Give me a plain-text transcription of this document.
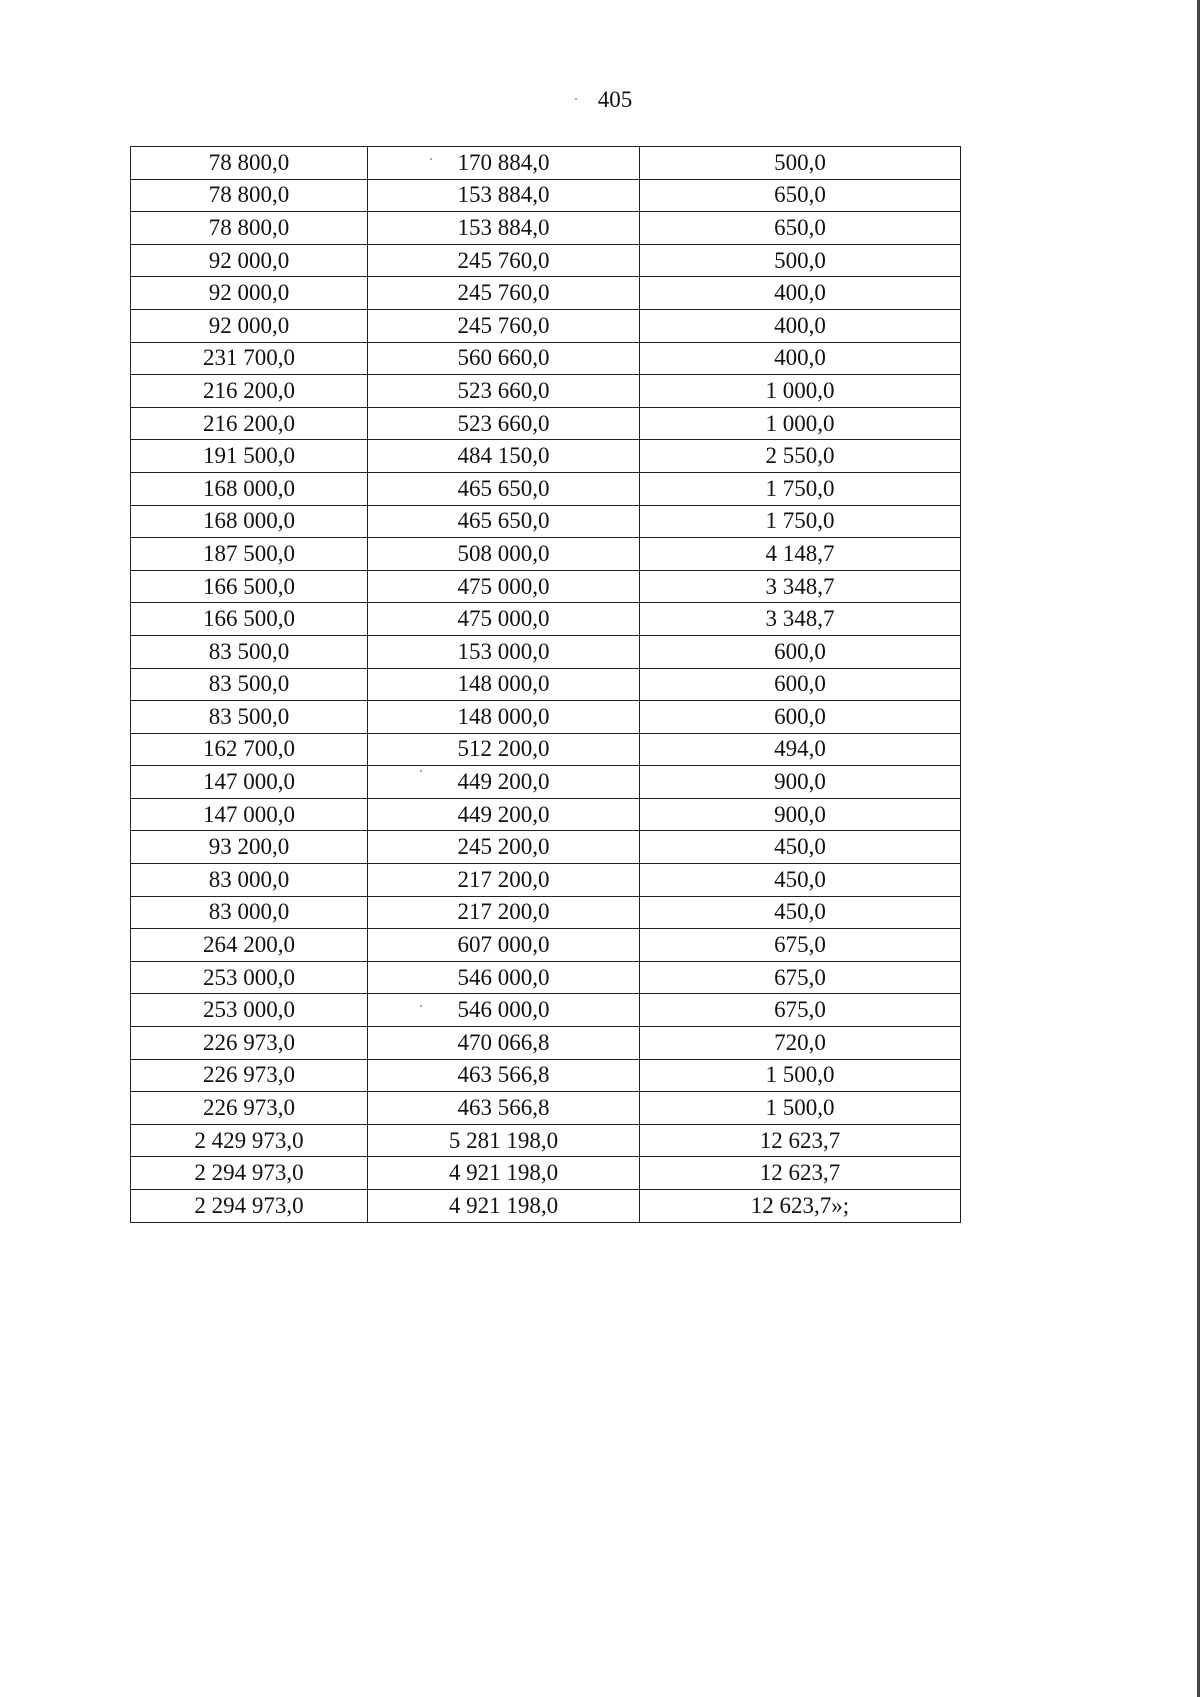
405
78 800,0	170 884,0	500,0
78 800,0	153 884,0	650,0
78 800,0	153 884,0	650,0
92 000,0	245 760,0	500,0
92 000,0	245 760,0	400,0
92 000,0	245 760,0	400,0
231 700,0	560 660,0	400,0
216 200,0	523 660,0	1 000,0
216 200,0	523 660,0	1 000,0
191 500,0	484 150,0	2 550,0
168 000,0	465 650,0	1 750,0
168 000,0	465 650,0	1 750,0
187 500,0	508 000,0	4 148,7
166 500,0	475 000,0	3 348,7
166 500,0	475 000,0	3 348,7
83 500,0	153 000,0	600,0
83 500,0	148 000,0	600,0
83 500,0	148 000,0	600,0
162 700,0	512 200,0	494,0
147 000,0	449 200,0	900,0
147 000,0	449 200,0	900,0
93 200,0	245 200,0	450,0
83 000,0	217 200,0	450,0
83 000,0	217 200,0	450,0
264 200,0	607 000,0	675,0
253 000,0	546 000,0	675,0
253 000,0	546 000,0	675,0
226 973,0	470 066,8	720,0
226 973,0	463 566,8	1 500,0
226 973,0	463 566,8	1 500,0
2 429 973,0	5 281 198,0	12 623,7
2 294 973,0	4 921 198,0	12 623,7
2 294 973,0	4 921 198,0	12 623,7»;
